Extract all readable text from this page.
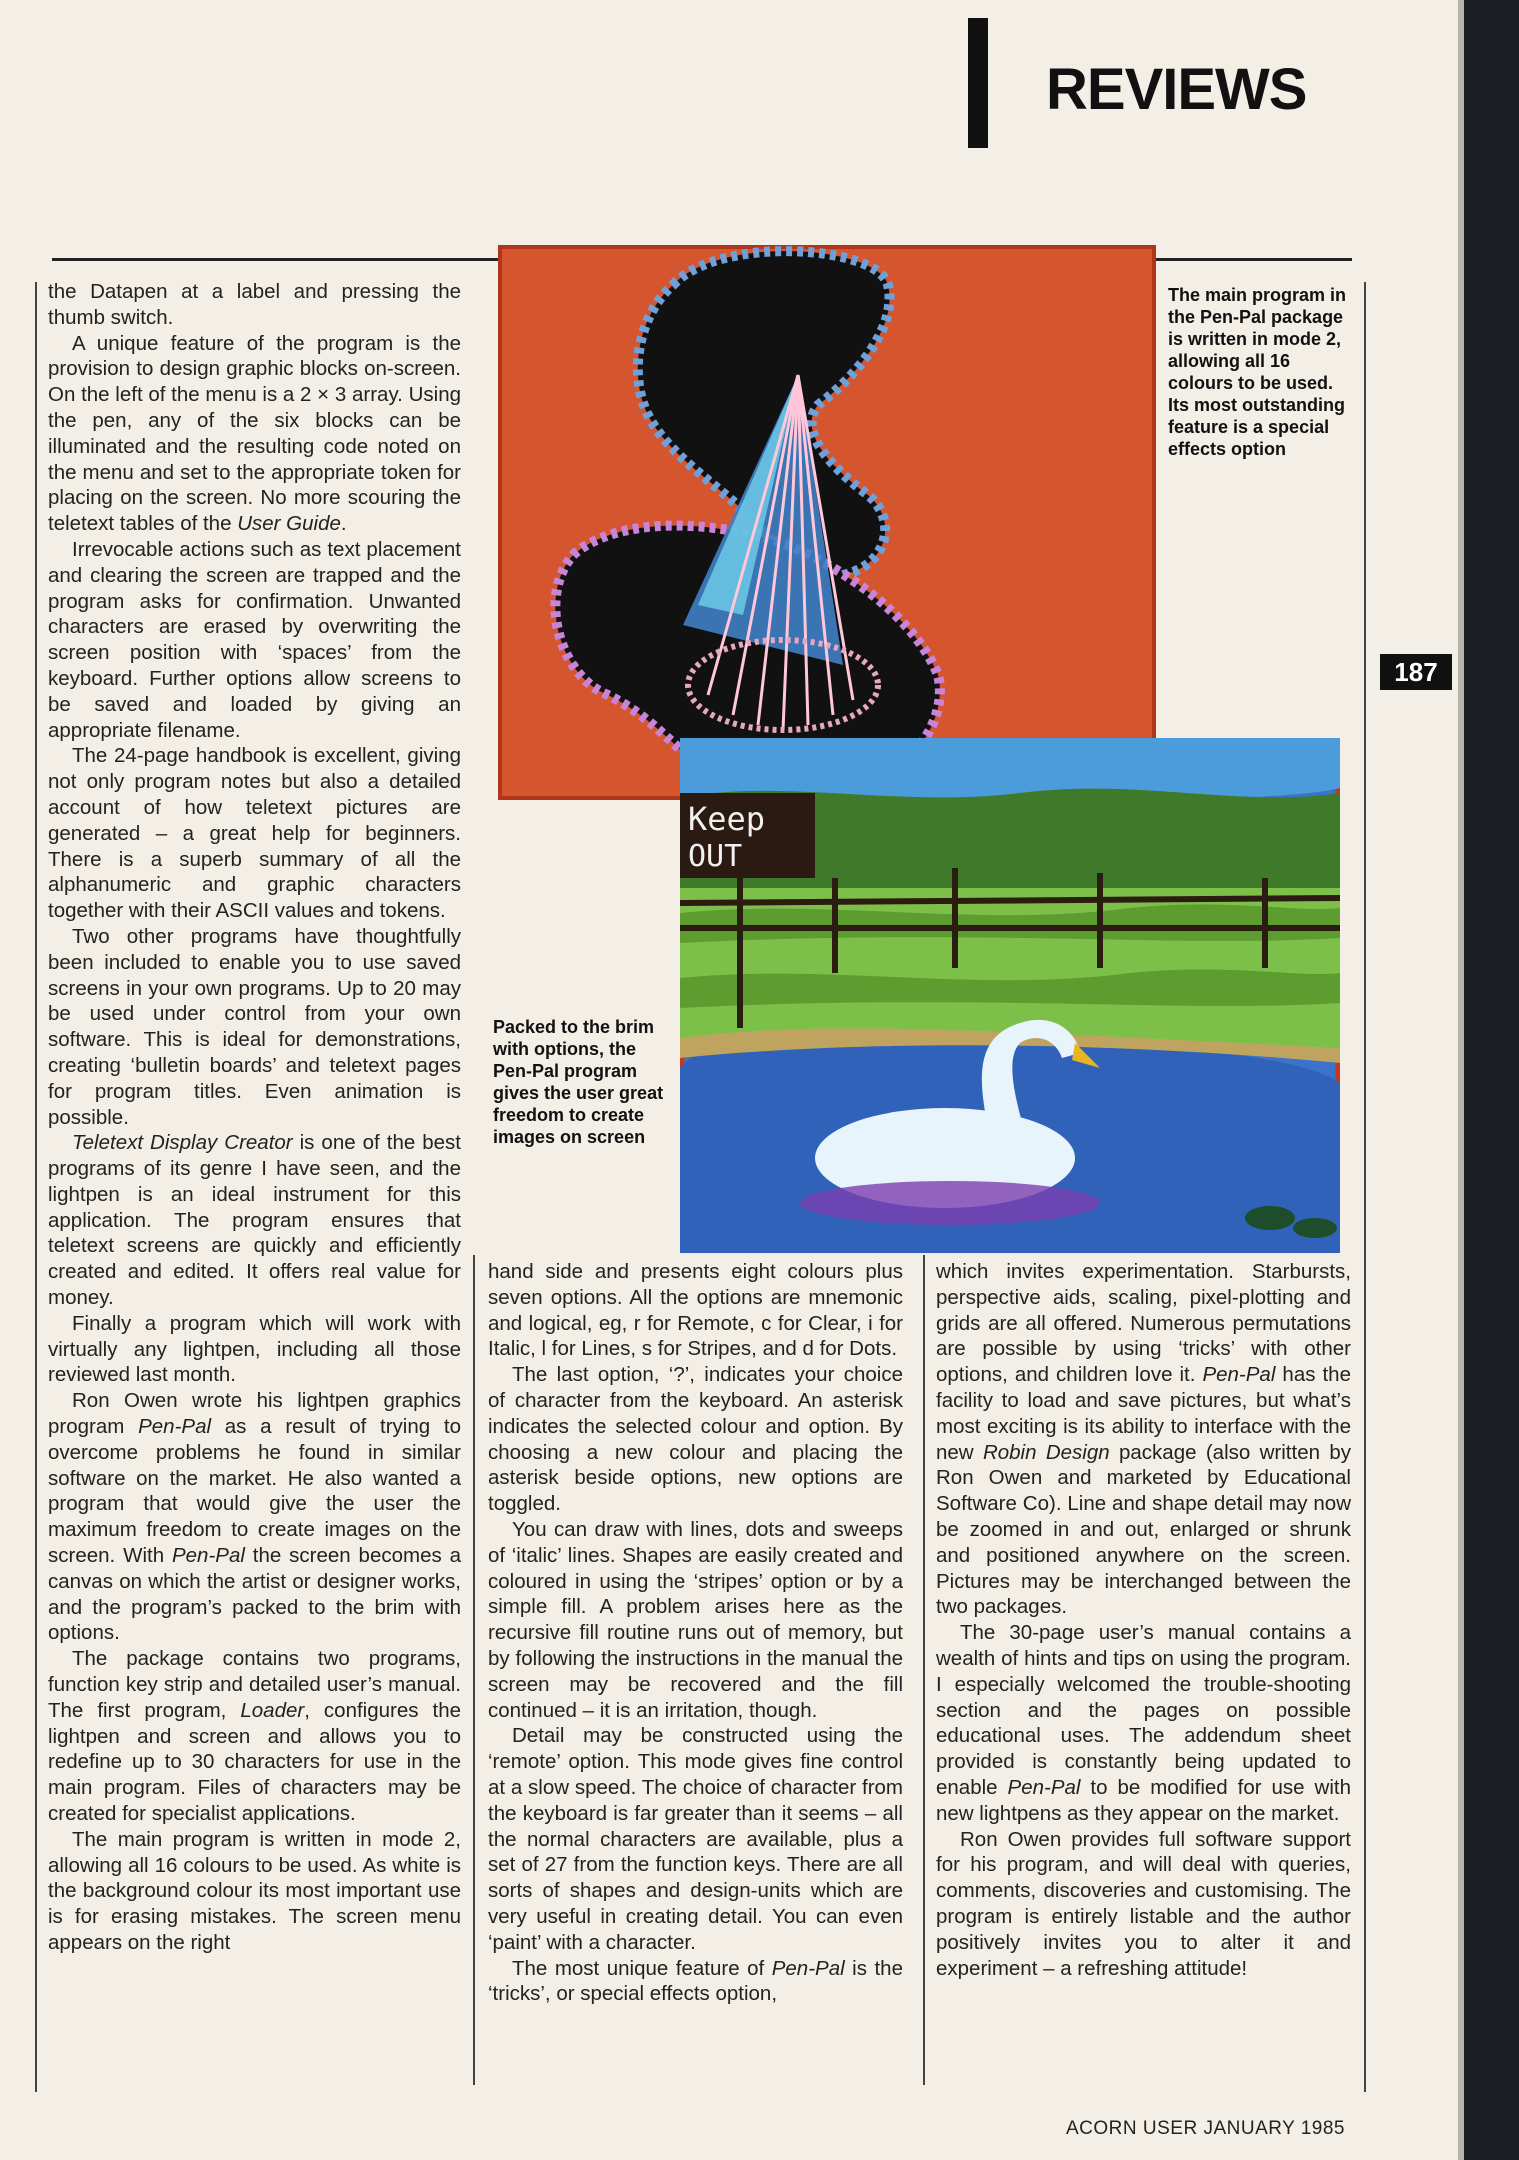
REVIEWS
187
Keep
OUT
The main program in the Pen-Pal package is written in mode 2, allowing all 16 colours to be used. Its most outstanding feature is a special effects option
Packed to the brim with options, the Pen-Pal program gives the user great freedom to create images on screen

the Datapen at a label and pressing the thumb switch.

A unique feature of the program is the provision to design graphic blocks on-screen. On the left of the menu is a 2 × 3 array. Using the pen, any of the six blocks can be illuminated and the resulting code noted on the menu and set to the appropriate token for placing on the screen. No more scouring the teletext tables of the User Guide.

Irrevocable actions such as text placement and clearing the screen are trapped and the program asks for confirmation. Unwanted characters are erased by overwriting the screen position with ‘spaces’ from the keyboard. Further options allow screens to be saved and loaded by giving an appropriate filename.

The 24-page handbook is excellent, giving not only program notes but also a detailed account of how teletext pictures are generated – a great help for beginners. There is a superb summary of all the alphanumeric and graphic characters together with their ASCII values and tokens.

Two other programs have thoughtfully been included to enable you to use saved screens in your own programs. Up to 20 may be used under control from your own software. This is ideal for demonstrations, creating ‘bulletin boards’ and teletext pages for program titles. Even animation is possible.

Teletext Display Creator is one of the best programs of its genre I have seen, and the lightpen is an ideal instrument for this application. The program ensures that teletext screens are quickly and efficiently created and edited. It offers real value for money.

Finally a program which will work with virtually any lightpen, including all those reviewed last month.

Ron Owen wrote his lightpen graphics program Pen-Pal as a result of trying to overcome problems he found in similar software on the market. He also wanted a program that would give the user the maximum freedom to create images on the screen. With Pen-Pal the screen becomes a canvas on which the artist or designer works, and the program’s packed to the brim with options.

The package contains two programs, function key strip and detailed user’s manual. The first program, Loader, configures the lightpen and screen and allows you to redefine up to 30 characters for use in the main program. Files of characters may be created for specialist applications.

The main program is written in mode 2, allowing all 16 colours to be used. As white is the background colour its most important use is for erasing mistakes. The screen menu appears on the right

hand side and presents eight colours plus seven options. All the options are mnemonic and logical, eg, r for Remote, c for Clear, i for Italic, l for Lines, s for Stripes, and d for Dots.

The last option, ‘?’, indicates your choice of character from the keyboard. An asterisk indicates the selected colour and option. By choosing a new colour and placing the asterisk beside options, new options are toggled.

You can draw with lines, dots and sweeps of ‘italic’ lines. Shapes are easily created and coloured in using the ‘stripes’ option or by a simple fill. A problem arises here as the recursive fill routine runs out of memory, but by following the instructions in the manual the screen may be recovered and the fill continued – it is an irritation, though.

Detail may be constructed using the ‘remote’ option. This mode gives fine control at a slow speed. The choice of character from the keyboard is far greater than it seems – all the normal characters are available, plus a set of 27 from the function keys. There are all sorts of shapes and design-units which are very useful in creating detail. You can even ‘paint’ with a character.

The most unique feature of Pen-Pal is the ‘tricks’, or special effects option,

which invites experimentation. Starbursts, perspective aids, scaling, pixel-plotting and grids are all offered. Numerous permutations are possible by using ‘tricks’ with other options, and children love it. Pen-Pal has the facility to load and save pictures, but what’s most exciting is its ability to interface with the new Robin Design package (also written by Ron Owen and marketed by Educational Software Co). Line and shape detail may now be zoomed in and out, enlarged or shrunk and positioned anywhere on the screen. Pictures may be interchanged between the two packages.

The 30-page user’s manual contains a wealth of hints and tips on using the program. I especially welcomed the trouble-shooting section and the pages on possible educational uses. The addendum sheet provided is constantly being updated to enable Pen-Pal to be modified for use with new lightpens as they appear on the market.

Ron Owen provides full software support for his program, and will deal with queries, comments, discoveries and customising. The program is entirely listable and the author positively invites you to alter it and experiment – a refreshing attitude!

ACORN USER JANUARY 1985
